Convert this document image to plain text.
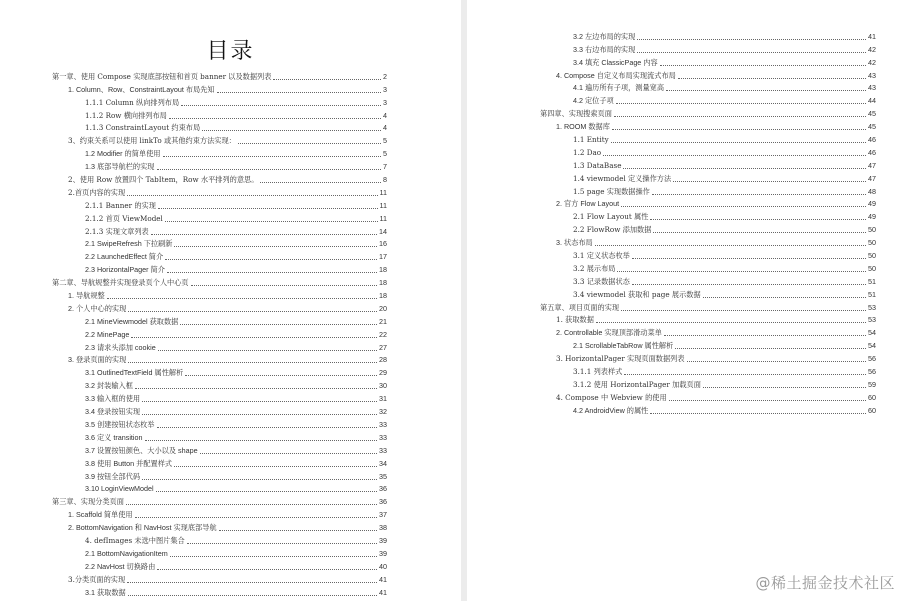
目录
第一章、使用 Compose 实现底部按钮和首页 banner 以及数据列表	2
1. Column、Row、ConstraintLayout 布局先知	3
1.1.1 Column 纵向排列布局	3
1.1.2 Row 横向排列布局	4
1.1.3 ConstraintLayout 约束布局	4
3、约束关系可以使用 linkTo 或其他约束方法实现：	5
1.2 Modifier 的简单使用	5
1.3 底部导航栏的实现	7
2、使用 Row 放置四个 TabItem，Row 水平排列的意思。	8
2.首页内容的实现	11
2.1.1 Banner 的实现	11
2.1.2 首页 ViewModel	11
2.1.3 实现文章列表	14
2.1 SwipeRefresh 下拉刷新	16
2.2 LaunchedEffect 简介	17
2.3 HorizontalPager 简介	18
第二章、导航规整并实现登录页个人中心页	18
1. 导航规整	18
2. 个人中心的实现	20
2.1 MineViewmodel 获取数据	21
2.2 MinePage	22
2.3 请求头添加 cookie	27
3. 登录页面的实现	28
3.1 OutlinedTextField 属性解析	29
3.2 封装输入框	30
3.3 输入框的使用	31
3.4 登录按钮实现	32
3.5 创建按钮状态枚举	33
3.6 定义 transition	33
3.7 设置按钮颜色、大小以及 shape	33
3.8 使用 Button 并配置样式	34
3.9 按钮全部代码	35
3.10 LoginViewModel	36
第三章、实现分类页面	36
1. Scaffold 简单使用	37
2. BottomNavigation 和 NavHost 实现底部导航	38
4. defImages 未选中图片集合	39
2.1 BottomNavigationItem	39
2.2 NavHost 切换路由	40
3.分类页面的实现	41
3.1 获取数据	41
3.2 左边布局的实现	41
3.3 右边布局的实现	42
3.4 填充 ClassicPage 内容	42
4. Compose 自定义布局实现流式布局	43
4.1 遍历所有子项，测量宽高	43
4.2 定位子项	44
第四章、实现搜索页面	45
1. ROOM 数据库	45
1.1 Entity	46
1.2 Dao	46
1.3 DataBase	47
1.4 viewmodel 定义操作方法	47
1.5 page 实现数据操作	48
2. 官方 Flow Layout	49
2.1 Flow Layout 属性	49
2.2 FlowRow 添加数据	50
3. 状态布局	50
3.1 定义状态枚举	50
3.2 展示布局	50
3.3 记录数据状态	51
3.4 viewmodel 获取和 page 展示数据	51
第五章、项目页面的实现	53
1. 获取数据	53
2. Controllable 实现顶部滑动菜单	54
2.1 ScrollableTabRow 属性解析	54
3. HorizontalPager 实现页面数据列表	56
3.1.1 列表样式	56
3.1.2 使用 HorizontalPager 加载页面	59
4. Compose 中 Webview 的使用	60
4.2 AndroidView 的属性	60
@稀土掘金技术社区
